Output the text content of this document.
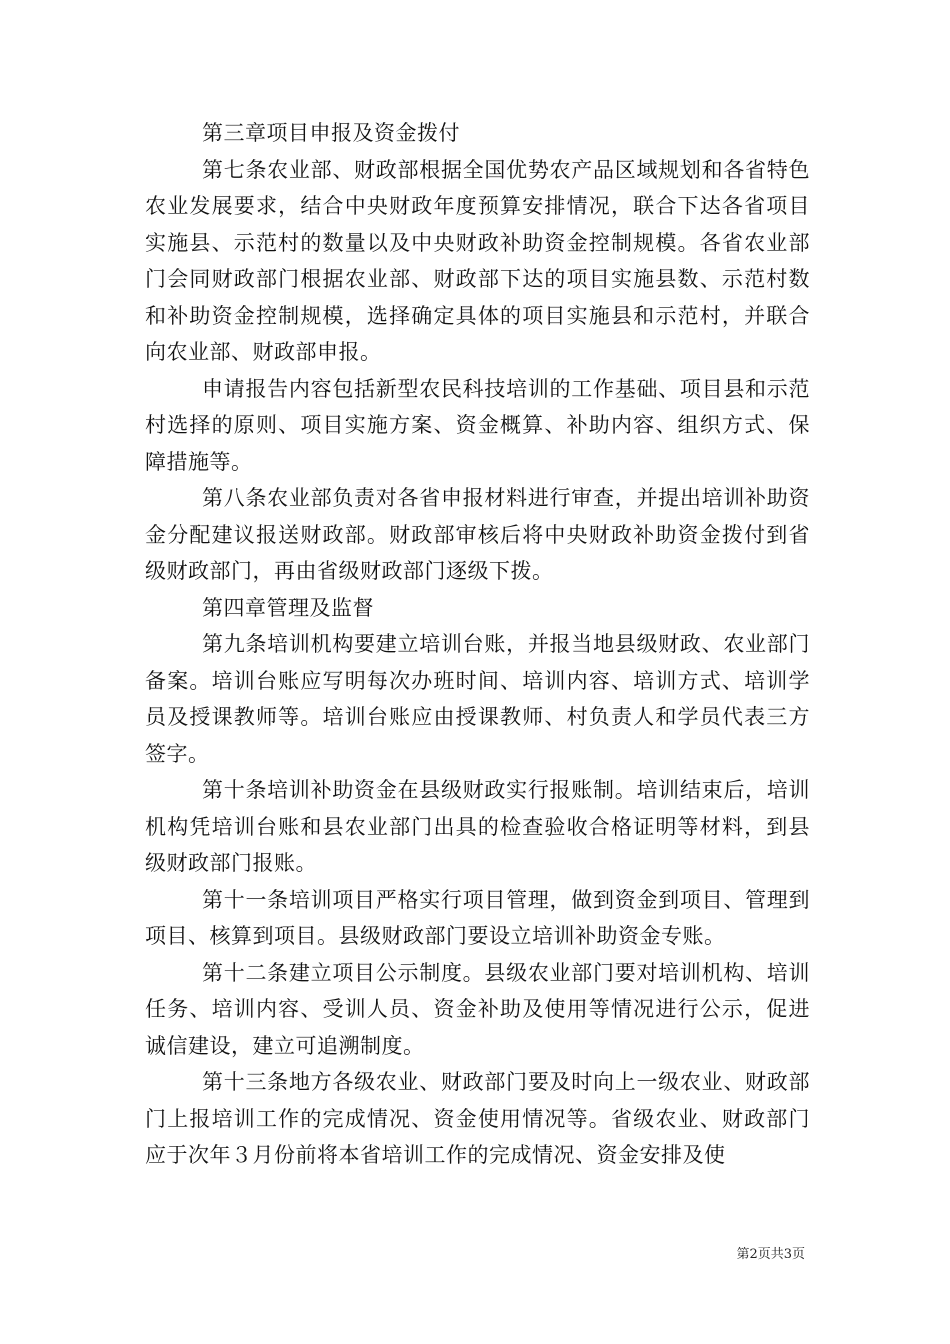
第三章项目申报及资金拨付

第七条农业部、财政部根据全国优势农产品区域规划和各省特色农业发展要求，结合中央财政年度预算安排情况，联合下达各省项目实施县、示范村的数量以及中央财政补助资金控制规模。各省农业部门会同财政部门根据农业部、财政部下达的项目实施县数、示范村数和补助资金控制规模，选择确定具体的项目实施县和示范村，并联合向农业部、财政部申报。

申请报告内容包括新型农民科技培训的工作基础、项目县和示范村选择的原则、项目实施方案、资金概算、补助内容、组织方式、保障措施等。

第八条农业部负责对各省申报材料进行审查，并提出培训补助资金分配建议报送财政部。财政部审核后将中央财政补助资金拨付到省级财政部门，再由省级财政部门逐级下拨。

第四章管理及监督

第九条培训机构要建立培训台账，并报当地县级财政、农业部门备案。培训台账应写明每次办班时间、培训内容、培训方式、培训学员及授课教师等。培训台账应由授课教师、村负责人和学员代表三方签字。

第十条培训补助资金在县级财政实行报账制。培训结束后，培训机构凭培训台账和县农业部门出具的检查验收合格证明等材料，到县级财政部门报账。

第十一条培训项目严格实行项目管理，做到资金到项目、管理到项目、核算到项目。县级财政部门要设立培训补助资金专账。

第十二条建立项目公示制度。县级农业部门要对培训机构、培训任务、培训内容、受训人员、资金补助及使用等情况进行公示，促进诚信建设，建立可追溯制度。

第十三条地方各级农业、财政部门要及时向上一级农业、财政部门上报培训工作的完成情况、资金使用情况等。省级农业、财政部门应于次年３月份前将本省培训工作的完成情况、资金安排及使

第2页共3页
